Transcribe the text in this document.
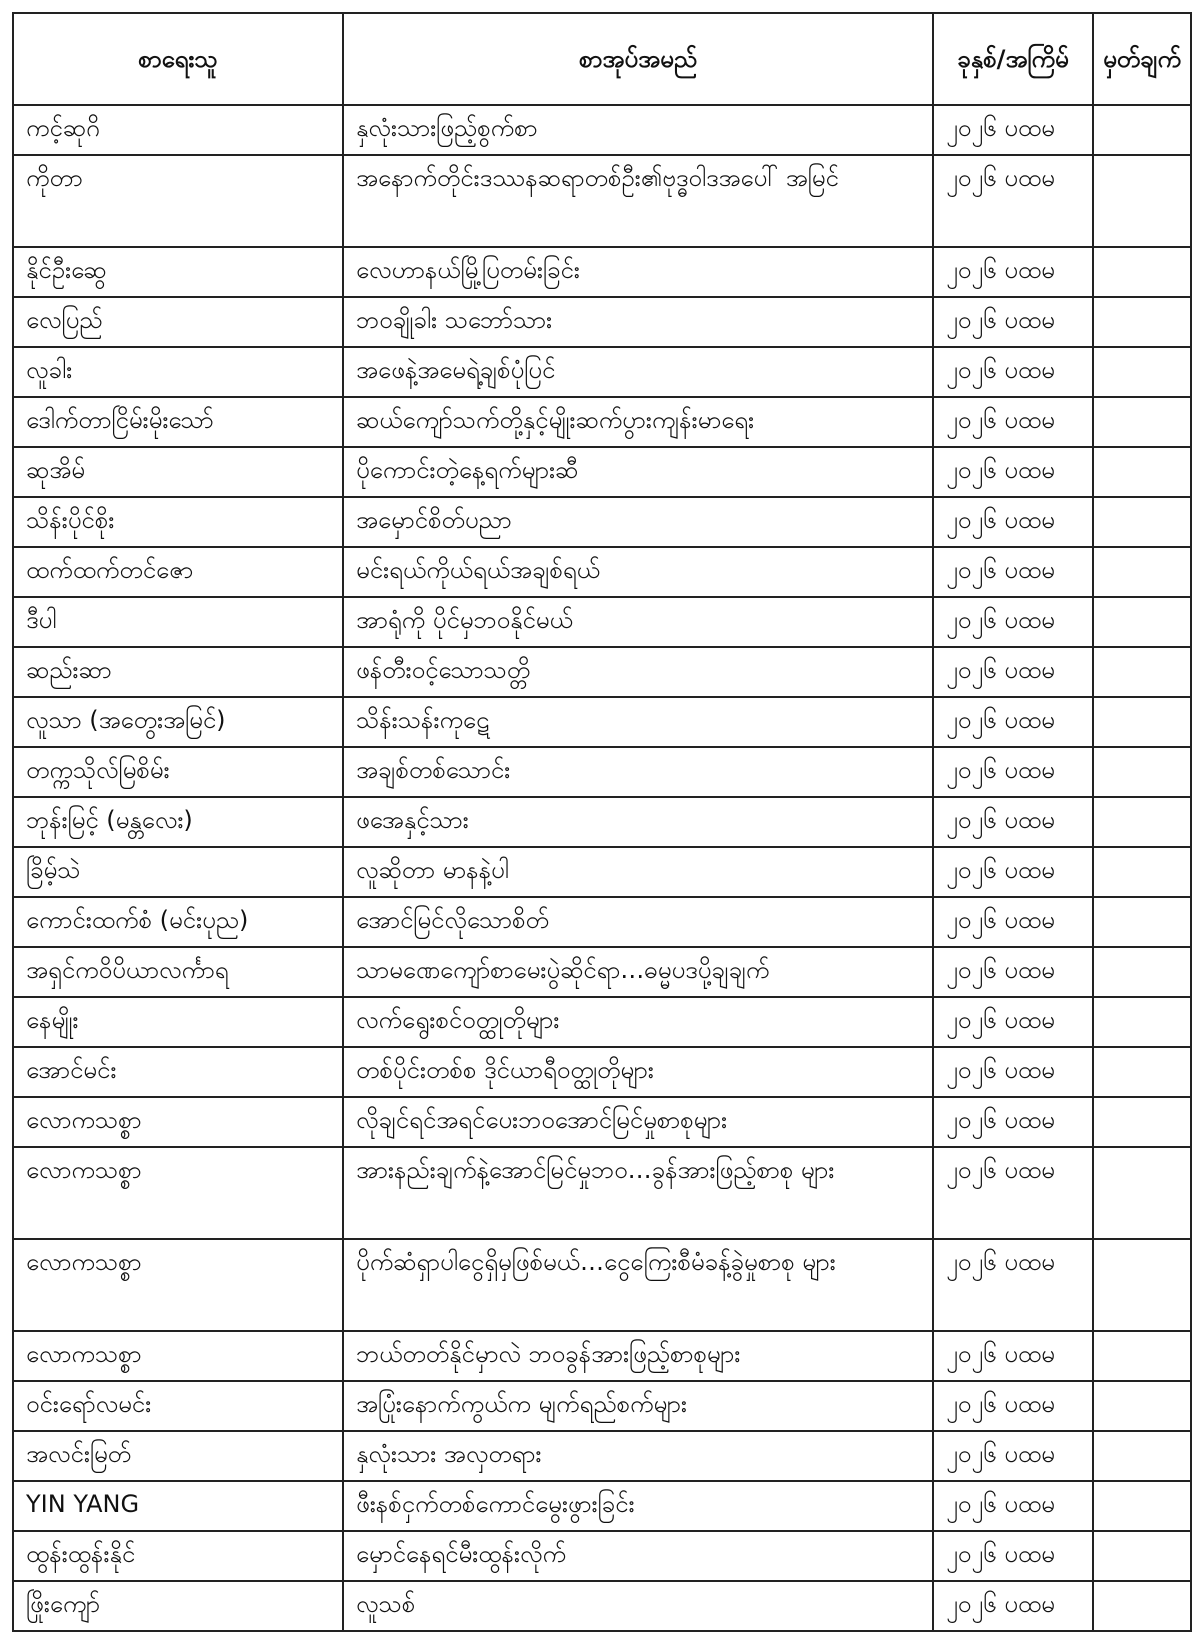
စာရေးသူ	စာအုပ်အမည်	ခုနှစ်/အကြိမ်	မှတ်ချက်
ကင့်ဆုဂိ	နှလုံးသားဖြည့်စွက်စာ	၂၀၂၆ ပထမ	
ကိုတာ	အနောက်တိုင်းဒဿနဆရာတစ်ဦး၏ဗုဒ္ဓဝါဒအပေါ် အမြင်	၂၀၂၆ ပထမ	
နိုင်ဦးဆွေ	လေဟာနယ်မြို့ပြတမ်းခြင်း	၂၀၂၆ ပထမ	
လေပြည်	ဘဝချိုခါး သဘော်သား	၂၀၂၆ ပထမ	
လူခါး	အဖေနဲ့အမေရဲ့ချစ်ပုံပြင်	၂၀၂၆ ပထမ	
ဒေါက်တာငြိမ်းမိုးသော်	ဆယ်ကျော်သက်တို့နှင့်မျိုးဆက်ပွားကျန်းမာရေး	၂၀၂၆ ပထမ	
ဆုအိမ်	ပိုကောင်းတဲ့နေ့ရက်များဆီ	၂၀၂၆ ပထမ	
သိန်းပိုင်စိုး	အမှောင်စိတ်ပညာ	၂၀၂၆ ပထမ	
ထက်ထက်တင်ဇော	မင်းရယ်ကိုယ်ရယ်အချစ်ရယ်	၂၀၂၆ ပထမ	
ဒီပါ	အာရုံကို ပိုင်မှဘဝနိုင်မယ်	၂၀၂၆ ပထမ	
ဆည်းဆာ	ဖန်တီးဝင့်သောသတ္တိ	၂၀၂၆ ပထမ	
လူသာ (အတွေးအမြင်)	သိန်းသန်းကုဋေ	၂၀၂၆ ပထမ	
တက္ကသိုလ်မြစိမ်း	အချစ်တစ်သောင်း	၂၀၂၆ ပထမ	
ဘုန်းမြင့် (မန္တလေး)	ဖအေနှင့်သား	၂၀၂၆ ပထမ	
ခြိမ့်သဲ	လူဆိုတာ မာနနဲ့ပါ	၂၀၂၆ ပထမ	
ကောင်းထက်စံ (မင်းပုည)	အောင်မြင်လိုသောစိတ်	၂၀၂၆ ပထမ	
အရှင်ကဝိပိယာလင်္ကာရ	သာမဏေကျော်စာမေးပွဲဆိုင်ရာ…ဓမ္မပဒပို့ချချက်	၂၀၂၆ ပထမ	
နေမျိုး	လက်ရွေးစင်ဝတ္ထုတိုများ	၂၀၂၆ ပထမ	
အောင်မင်း	တစ်ပိုင်းတစ်စ ဒိုင်ယာရီဝတ္ထုတိုများ	၂၀၂၆ ပထမ	
လောကသစ္စာ	လိုချင်ရင်အရင်ပေးဘဝအောင်မြင်မှုစာစုများ	၂၀၂၆ ပထမ	
လောကသစ္စာ	အားနည်းချက်နဲ့အောင်မြင်မှုဘဝ…ခွန်အားဖြည့်စာစု များ	၂၀၂၆ ပထမ	
လောကသစ္စာ	ပိုက်ဆံရှာပါငွေရှိမှဖြစ်မယ်…ငွေကြေးစီမံခန့်ခွဲမှုစာစု များ	၂၀၂၆ ပထမ	
လောကသစ္စာ	ဘယ်တတ်နိုင်မှာလဲ ဘဝခွန်အားဖြည့်စာစုများ	၂၀၂၆ ပထမ	
ဝင်းရော်လမင်း	အပြုံးနောက်ကွယ်က မျက်ရည်စက်များ	၂၀၂၆ ပထမ	
အလင်းမြတ်	နှလုံးသား အလှတရား	၂၀၂၆ ပထမ	
YIN YANG	ဖီးနစ်ငှက်တစ်ကောင်မွေးဖွားခြင်း	၂၀၂၆ ပထမ	
ထွန်းထွန်းနိုင်	မှောင်နေရင်မီးထွန်းလိုက်	၂၀၂၆ ပထမ	
ဖြိုးကျော်	လူသစ်	၂၀၂၆ ပထမ	
